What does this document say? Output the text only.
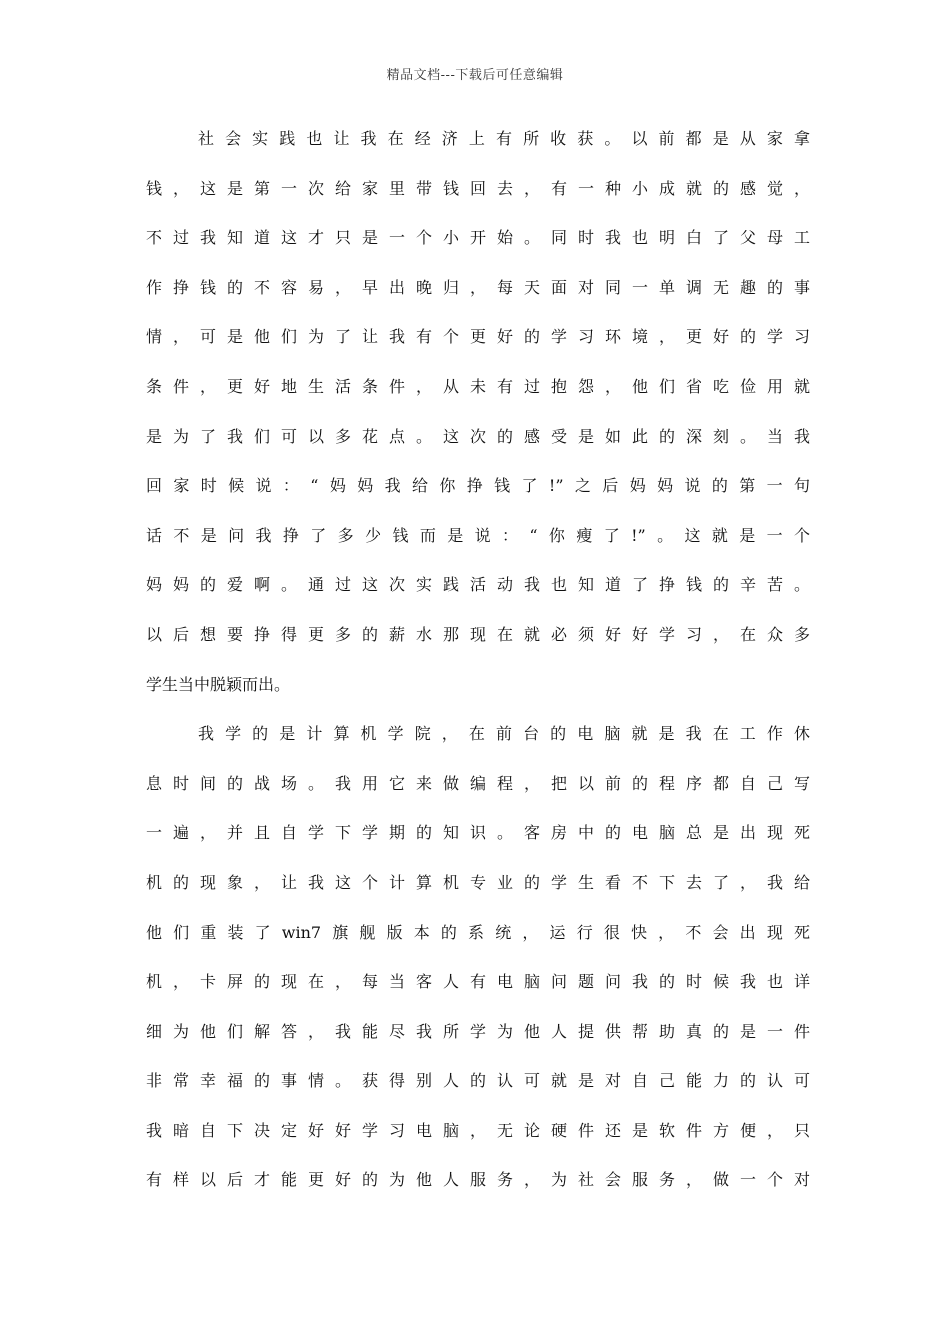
精品文档---下载后可任意编辑
社会实践也让我在经济上有所收获。以前都是从家拿
钱，这是第一次给家里带钱回去，有一种小成就的感觉，
不过我知道这才只是一个小开始。同时我也明白了父母工
作挣钱的不容易，早出晚归，每天面对同一单调无趣的事
情，可是他们为了让我有个更好的学习环境，更好的学习
条件，更好地生活条件，从未有过抱怨，他们省吃俭用就
是为了我们可以多花点。这次的感受是如此的深刻。当我
回家时候说：“妈妈我给你挣钱了!”之后妈妈说的第一句
话不是问我挣了多少钱而是说：“你瘦了!”。这就是一个
妈妈的爱啊。通过这次实践活动我也知道了挣钱的辛苦。
以后想要挣得更多的薪水那现在就必须好好学习，在众多
学生当中脱颖而出。
我学的是计算机学院，在前台的电脑就是我在工作休
息时间的战场。我用它来做编程，把以前的程序都自己写
一遍，并且自学下学期的知识。客房中的电脑总是出现死
机的现象，让我这个计算机专业的学生看不下去了，我给
他们重装了win7旗舰版本的系统，运行很快，不会出现死
机，卡屏的现在，每当客人有电脑问题问我的时候我也详
细为他们解答，我能尽我所学为他人提供帮助真的是一件
非常幸福的事情。获得别人的认可就是对自己能力的认可
我暗自下决定好好学习电脑，无论硬件还是软件方便，只
有样以后才能更好的为他人服务，为社会服务，做一个对
